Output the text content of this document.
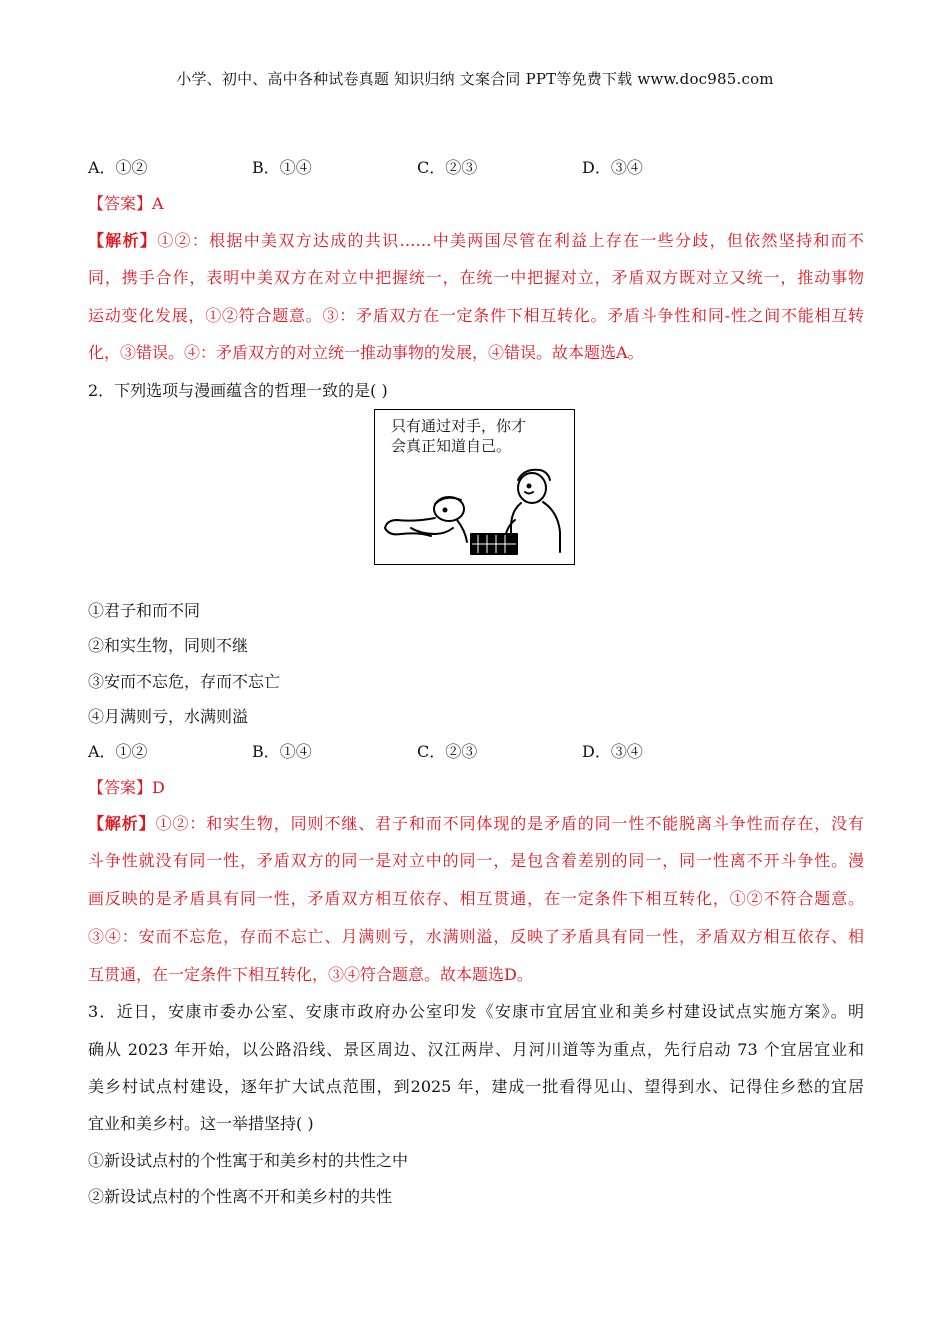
小学、初中、高中各种试卷真题 知识归纳 文案合同 PPT等免费下载 www.doc985.com
A．①②	B．①④	C．②③	D．③④
【答案】A
【解析】①②：根据中美双方达成的共识……中美两国尽管在利益上存在一些分歧，但依然坚持和而不
同，携手合作，表明中美双方在对立中把握统一，在统一中把握对立，矛盾双方既对立又统一，推动事物
运动变化发展，①②符合题意。③：矛盾双方在一定条件下相互转化。矛盾斗争性和同-性之间不能相互转
化，③错误。④：矛盾双方的对立统一推动事物的发展，④错误。故本题选A。
2．下列选项与漫画蕴含的哲理一致的是( )
只有通过对手，你才
会真正知道自己。
①君子和而不同
②和实生物，同则不继
③安而不忘危，存而不忘亡
④月满则亏，水满则溢
A．①②	B．①④	C．②③	D．③④
【答案】D
【解析】①②：和实生物，同则不继、君子和而不同体现的是矛盾的同一性不能脱离斗争性而存在，没有
斗争性就没有同一性，矛盾双方的同一是对立中的同一，是包含着差别的同一，同一性离不开斗争性。漫
画反映的是矛盾具有同一性，矛盾双方相互依存、相互贯通，在一定条件下相互转化，①②不符合题意。
③④：安而不忘危，存而不忘亡、月满则亏，水满则溢，反映了矛盾具有同一性，矛盾双方相互依存、相
互贯通，在一定条件下相互转化，③④符合题意。故本题选D。
3．近日，安康市委办公室、安康市政府办公室印发《安康市宜居宜业和美乡村建设试点实施方案》。明
确从 2023 年开始，以公路沿线、景区周边、汉江两岸、月河川道等为重点，先行启动 73 个宜居宜业和
美乡村试点村建设，逐年扩大试点范围，到2025 年，建成一批看得见山、望得到水、记得住乡愁的宜居
宜业和美乡村。这一举措坚持( )
①新设试点村的个性寓于和美乡村的共性之中
②新设试点村的个性离不开和美乡村的共性
